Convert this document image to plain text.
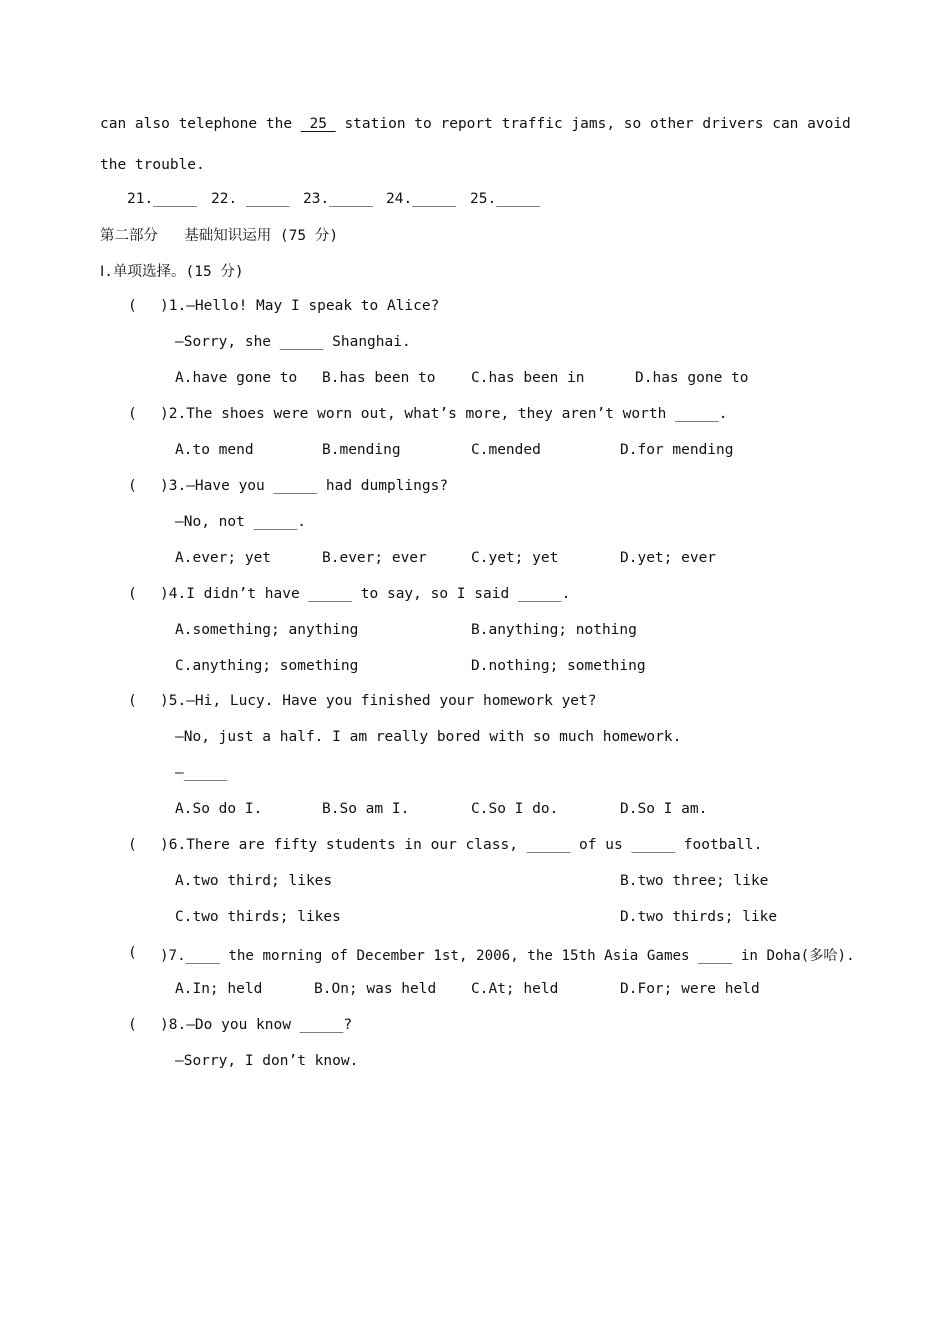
can also telephone the  25  station to report traffic jams, so other drivers can avoid
the trouble.
21._____ 22. _____ 23._____ 24._____ 25._____
第二部分   基础知识运用 (75 分)
Ⅰ.单项选择。(15 分)
( )1.—Hello! May I speak to Alice?
—Sorry, she _____ Shanghai.
A.have gone to B.has been to C.has been in	D.has gone to
( )2.The shoes were worn out, what’s more, they aren’t worth _____.
A.to mend	B.mending	C.mended	D.for mending
( )3.—Have you _____ had dumplings?
—No, not _____.
A.ever; yet	B.ever; ever	C.yet; yet	D.yet; ever
( )4.I didn’t have _____ to say, so I said _____.
A.something; anything	B.anything; nothing
C.anything; something	D.nothing; something
( )5.—Hi, Lucy. Have you finished your homework yet?
—No, just a half. I am really bored with so much homework.
—_____
A.So do I.	B.So am I.	C.So I do.	D.So I am.
( )6.There are fifty students in our class, _____ of us _____ football.
A.two third; likes	B.two three; like
C.two thirds; likes	D.two thirds; like
( )7.____ the morning of December 1st, 2006, the 15th Asia Games ____ in Doha(多哈).
A.In; held	B.On; was held C.At; held	D.For; were held
( )8.—Do you know _____?
—Sorry, I don’t know.
